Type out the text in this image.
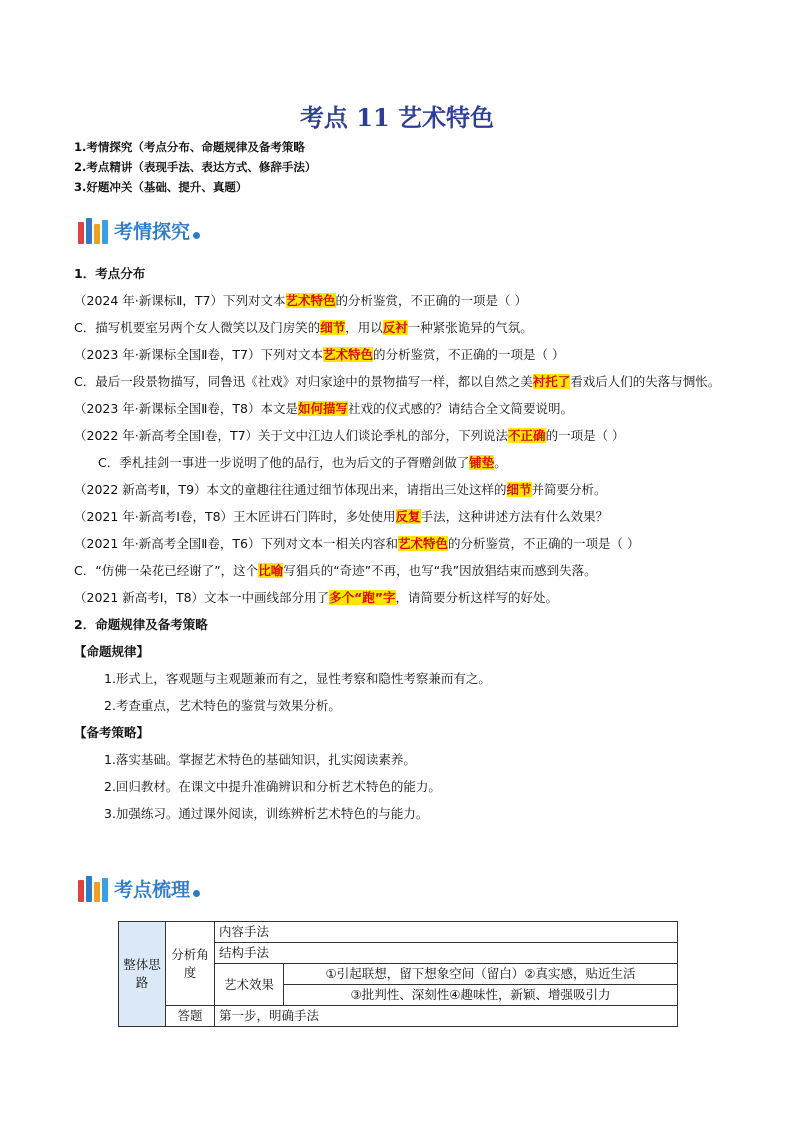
考点 11 艺术特色
1.考情探究（考点分布、命题规律及备考策略
2.考点精讲（表现手法、表达方式、修辞手法）
3.好题冲关（基础、提升、真题）
考情探究

1．考点分布

（2024 年·新课标Ⅱ，T7）下列对文本艺术特色的分析鉴赏，不正确的一项是（ ）

C．描写机要室另两个女人微笑以及门房笑的细节，用以反衬一种紧张诡异的气氛。

（2023 年·新课标全国Ⅱ卷，T7）下列对文本艺术特色的分析鉴赏，不正确的一项是（ ）

C．最后一段景物描写，同鲁迅《社戏》对归家途中的景物描写一样，都以自然之美衬托了看戏后人们的失落与惆怅。

（2023 年·新课标全国Ⅱ卷，T8）本文是如何描写社戏的仪式感的？请结合全文简要说明。

（2022 年·新高考全国Ⅰ卷，T7）关于文中江边人们谈论季札的部分，下列说法不正确的一项是（ ）

C．季札挂剑一事进一步说明了他的品行，也为后文的子胥赠剑做了铺垫。

（2022 新高考Ⅱ，T9）本文的童趣往往通过细节体现出来，请指出三处这样的细节并简要分析。

（2021 年·新高考Ⅰ卷，T8）王木匠讲石门阵时，多处使用反复手法，这种讲述方法有什么效果？

（2021 年·新高考全国Ⅱ卷，T6）下列对文本一相关内容和艺术特色的分析鉴赏，不正确的一项是（ ）

C．“仿佛一朵花已经谢了”，这个比喻写猖兵的“奇迹”不再，也写“我”因放猖结束而感到失落。

（2021 新高考Ⅰ，T8）文本一中画线部分用了多个“跑”字，请简要分析这样写的好处。

2．命题规律及备考策略

【命题规律】

1.形式上，客观题与主观题兼而有之，显性考察和隐性考察兼而有之。

2.考查重点，艺术特色的鉴赏与效果分析。

【备考策略】

1.落实基础。掌握艺术特色的基础知识，扎实阅读素养。

2.回归教材。在课文中提升准确辨识和分析艺术特色的能力。

3.加强练习。通过课外阅读，训练辨析艺术特色的与能力。

考点梳理
整体思路	分析角度	内容手法	
		结构手法	
		艺术效果	①引起联想，留下想象空间（留白）②真实感，贴近生活
			③批判性、深刻性④趣味性，新颖、增强吸引力
	答题	第一步，明确手法	
